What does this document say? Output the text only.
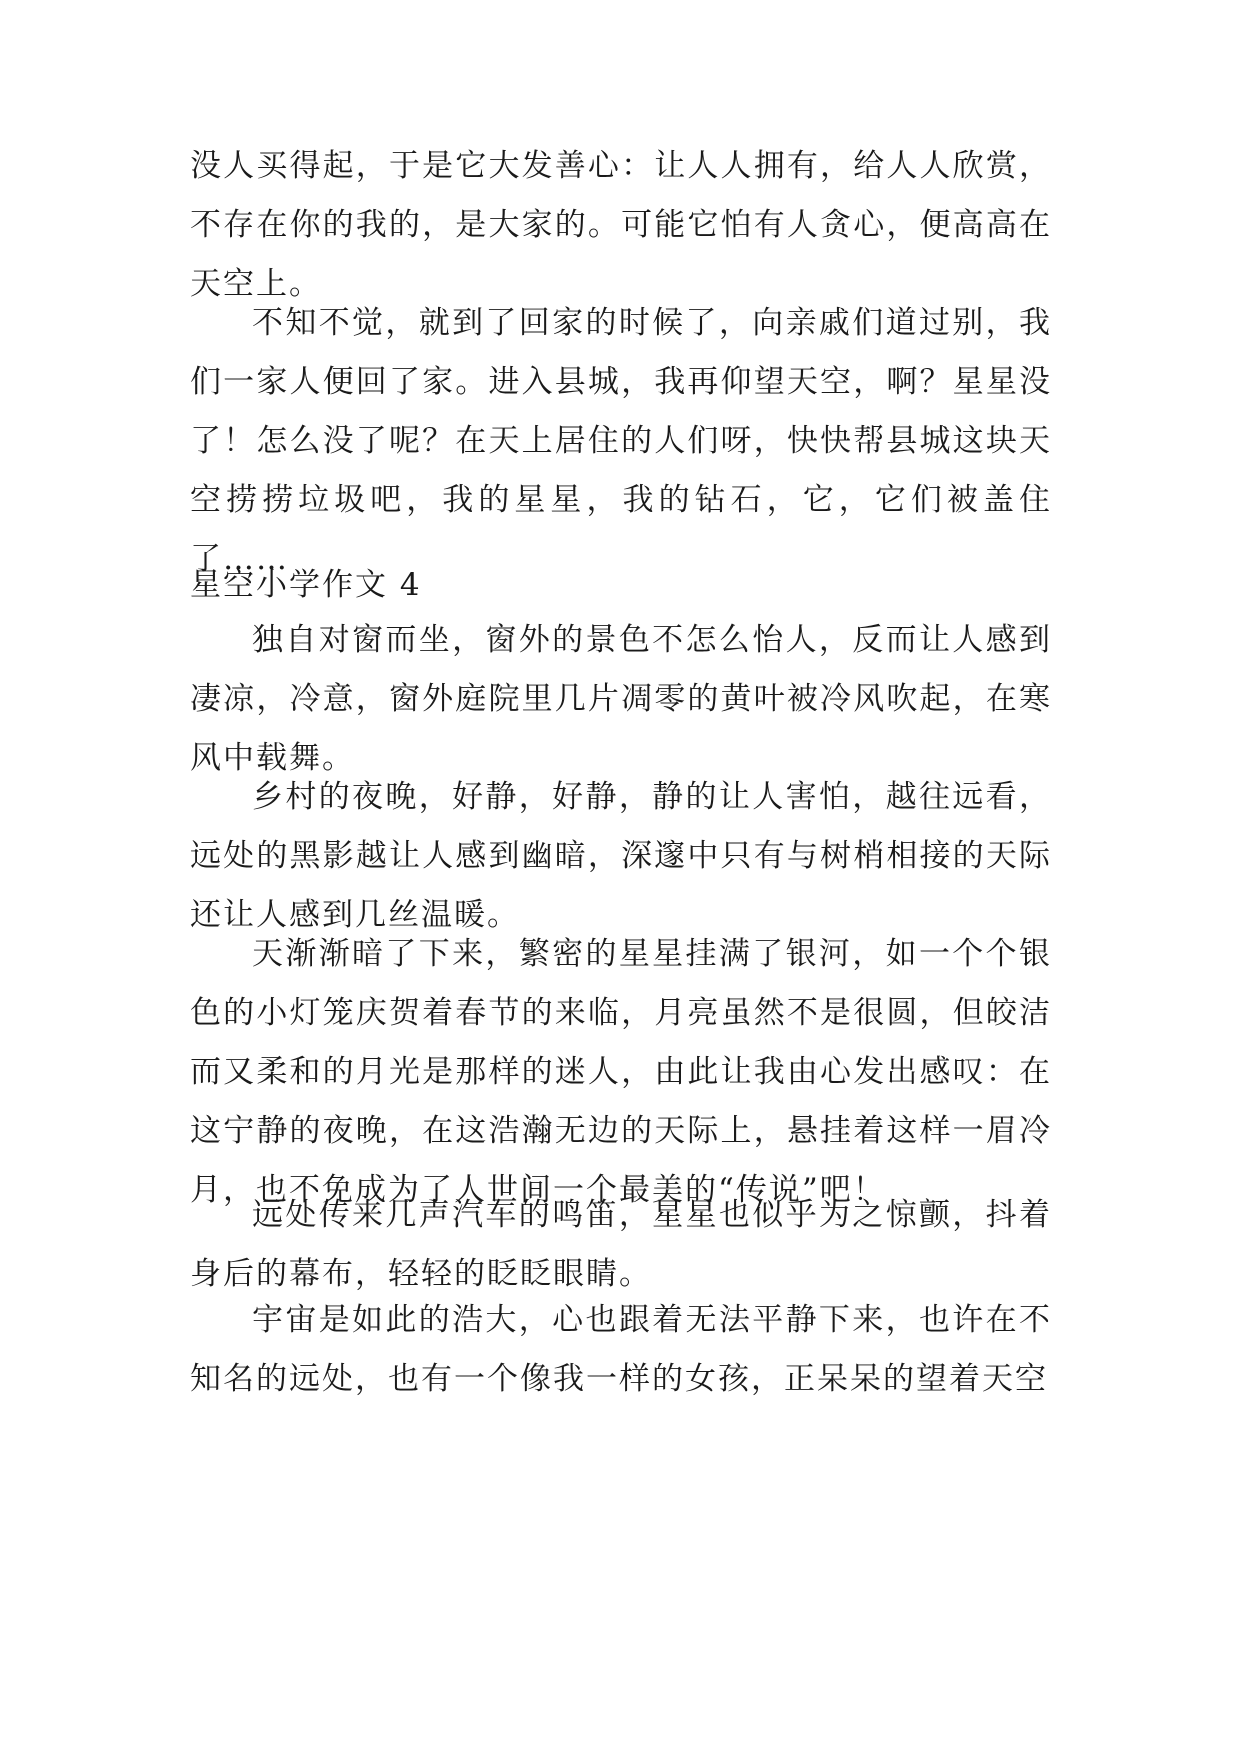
没人买得起，于是它大发善心：让人人拥有，给人人欣赏，不存在你的我的，是大家的。可能它怕有人贪心，便高高在天空上。
不知不觉，就到了回家的时候了，向亲戚们道过别，我们一家人便回了家。进入县城，我再仰望天空，啊？星星没了！怎么没了呢？在天上居住的人们呀，快快帮县城这块天空捞捞垃圾吧，我的星星，我的钻石，它，它们被盖住了……
星空小学作文 4
独自对窗而坐，窗外的景色不怎么怡人，反而让人感到凄凉，冷意，窗外庭院里几片凋零的黄叶被冷风吹起，在寒风中载舞。
乡村的夜晚，好静，好静，静的让人害怕，越往远看，远处的黑影越让人感到幽暗，深邃中只有与树梢相接的天际还让人感到几丝温暖。
天渐渐暗了下来，繁密的星星挂满了银河，如一个个银色的小灯笼庆贺着春节的来临，月亮虽然不是很圆，但皎洁而又柔和的月光是那样的迷人，由此让我由心发出感叹：在这宁静的夜晚，在这浩瀚无边的天际上，悬挂着这样一眉冷月，也不免成为了人世间一个最美的“传说”吧！
远处传来几声汽车的鸣笛，星星也似乎为之惊颤，抖着身后的幕布，轻轻的眨眨眼睛。
宇宙是如此的浩大，心也跟着无法平静下来，也许在不知名的远处，也有一个像我一样的女孩，正呆呆的望着天空
